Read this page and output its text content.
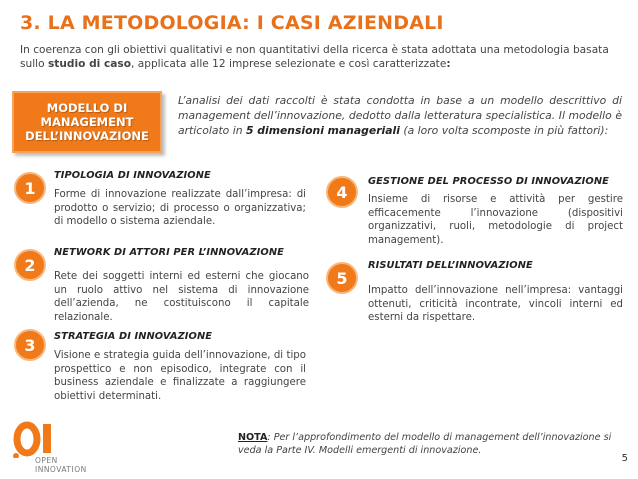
3. LA METODOLOGIA: I CASI AZIENDALI
In coerenza con gli obiettivi qualitativi e non quantitativi della ricerca è stata adottata una metodologia basata sullo studio di caso, applicata alle 12 imprese selezionate e così caratterizzate:
MODELLO DI
MANAGEMENT
DELL’INNOVAZIONE
L’analisi dei dati raccolti è stata condotta in base a un modello descrittivo di management dell’innovazione, dedotto dalla letteratura specialistica. Il modello è articolato in 5 dimensioni manageriali (a loro volta scomposte in più fattori):
1
TIPOLOGIA DI INNOVAZIONE
Forme di innovazione realizzate dall’impresa: di prodotto o servizio; di processo o organizzativa; di modello o sistema aziendale.
2
NETWORK DI ATTORI PER L’INNOVAZIONE
Rete dei soggetti interni ed esterni che giocano un ruolo attivo nel sistema di innovazione dell’azienda, ne costituiscono il capitale relazionale.
3	STRATEGIA DI INNOVAZIONE
Visione e strategia guida dell’innovazione, di tipo prospettico e non episodico, integrate con il business aziendale e finalizzate a raggiungere obiettivi determinati.
4
GESTIONE DEL PROCESSO DI INNOVAZIONE
Insieme di risorse e attività per gestire efficacemente l’innovazione (dispositivi organizzativi, ruoli, metodologie di project management).
5
RISULTATI DELL’INNOVAZIONE
Impatto dell’innovazione nell’impresa: vantaggi ottenuti, criticità incontrate, vincoli interni ed esterni da rispettare.
NOTA: Per l’approfondimento del modello di management dell’innovazione si veda la Parte IV. Modelli emergenti di innovazione.
5
OPEN
INNOVATION
